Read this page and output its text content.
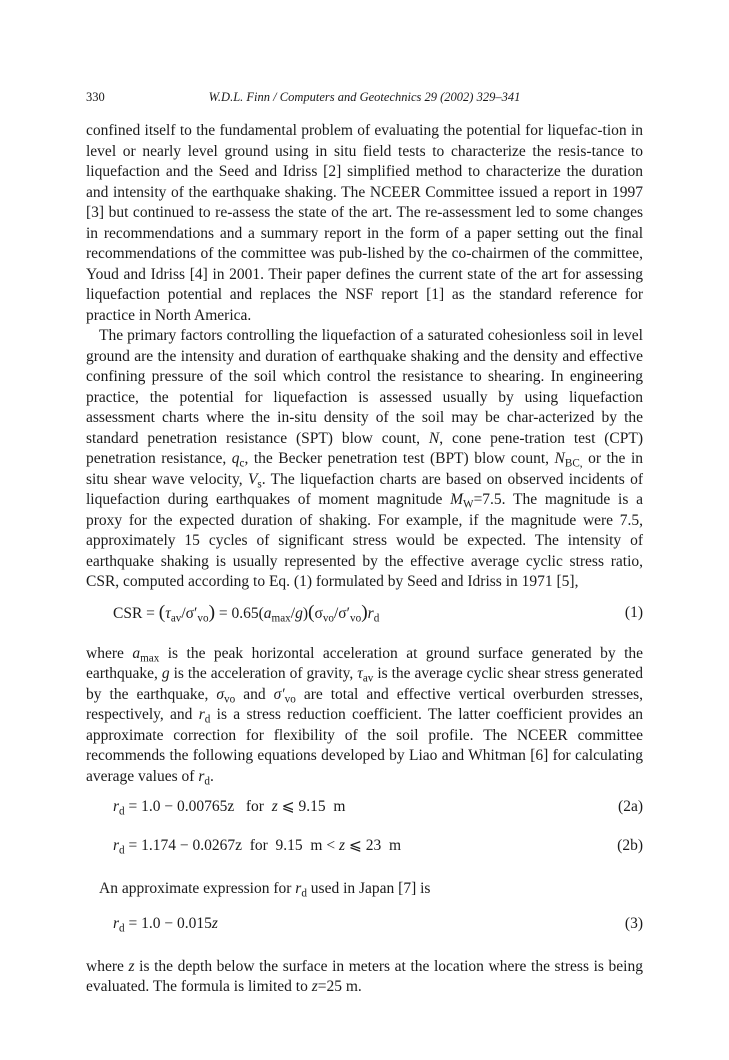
330	W.D.L. Finn / Computers and Geotechnics 29 (2002) 329–341

confined itself to the fundamental problem of evaluating the potential for liquefac-tion in level or nearly level ground using in situ field tests to characterize the resis-tance to liquefaction and the Seed and Idriss [2] simplified method to characterize the duration and intensity of the earthquake shaking. The NCEER Committee issued a report in 1997 [3] but continued to re-assess the state of the art. The re-assessment led to some changes in recommendations and a summary report in the form of a paper setting out the final recommendations of the committee was pub-lished by the co-chairmen of the committee, Youd and Idriss [4] in 2001. Their paper defines the current state of the art for assessing liquefaction potential and replaces the NSF report [1] as the standard reference for practice in North America.

The primary factors controlling the liquefaction of a saturated cohesionless soil in level ground are the intensity and duration of earthquake shaking and the density and effective confining pressure of the soil which control the resistance to shearing. In engineering practice, the potential for liquefaction is assessed usually by using liquefaction assessment charts where the in-situ density of the soil may be char-acterized by the standard penetration resistance (SPT) blow count, N, cone pene-tration test (CPT) penetration resistance, $q_c$, the Becker penetration test (BPT) blow count, $N_{BC,}$ or the in situ shear wave velocity, $V_s$. The liquefaction charts are based on observed incidents of liquefaction during earthquakes of moment magnitude $M_W=7.5$. The magnitude is a proxy for the expected duration of shaking. For example, if the magnitude were 7.5, approximately 15 cycles of significant stress would be expected. The intensity of earthquake shaking is usually represented by the effective average cyclic stress ratio, CSR, computed according to Eq. (1) formulated by Seed and Idriss in 1971 [5],

CSR = $(\tau_{av}/\sigma'_{vo}) = 0.65(a_{max}/g)(\sigma_{vo}/\sigma'_{vo})r_d$	(1)

where $a_{max}$ is the peak horizontal acceleration at ground surface generated by the earthquake, g is the acceleration of gravity, $\tau_{av}$ is the average cyclic shear stress generated by the earthquake, $\sigma_{vo}$ and $\sigma'_{vo}$ are total and effective vertical overburden stresses, respectively, and $r_d$ is a stress reduction coefficient. The latter coefficient provides an approximate correction for flexibility of the soil profile. The NCEER committee recommends the following equations developed by Liao and Whitman [6] for calculating average values of $r_d$.

$r_d = 1.0 - 0.00765z$   for  z ⩽ 9.15  m	(2a)
$r_d = 1.174 - 0.0267z$  for  9.15  m < z ⩽ 23  m	(2b)

An approximate expression for $r_d$ used in Japan [7] is

$r_d = 1.0 - 0.015z$	(3)

where z is the depth below the surface in meters at the location where the stress is being evaluated. The formula is limited to z=25 m.
